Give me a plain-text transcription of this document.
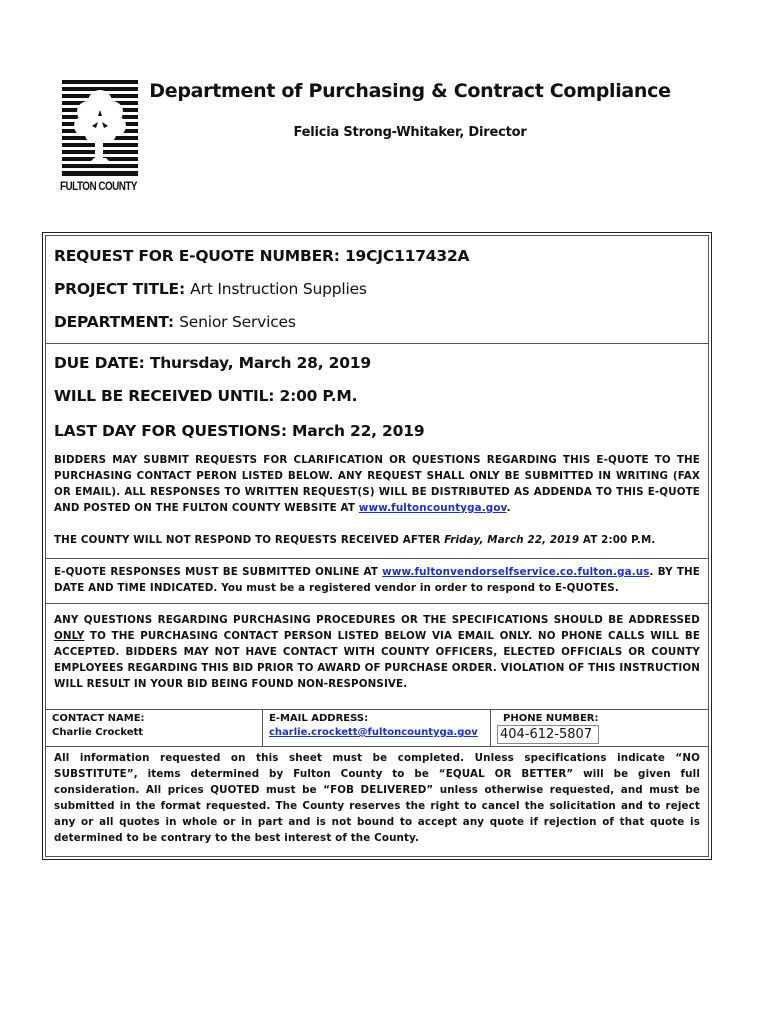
FULTON COUNTY
Department of Purchasing & Contract Compliance
Felicia Strong-Whitaker, Director
REQUEST FOR E-QUOTE NUMBER: 19CJC117432A
PROJECT TITLE: Art Instruction Supplies
DEPARTMENT: Senior Services
DUE DATE: Thursday, March 28, 2019
WILL BE RECEIVED UNTIL: 2:00 P.M.
LAST DAY FOR QUESTIONS: March 22, 2019
BIDDERS MAY SUBMIT REQUESTS FOR CLARIFICATION OR QUESTIONS REGARDING THIS E-QUOTE TO THE PURCHASING CONTACT PERON LISTED BELOW. ANY REQUEST SHALL ONLY BE SUBMITTED IN WRITING (FAX OR EMAIL). ALL RESPONSES TO WRITTEN REQUEST(S) WILL BE DISTRIBUTED AS ADDENDA TO THIS E-QUOTE AND POSTED ON THE FULTON COUNTY WEBSITE AT www.fultoncountyga.gov.
THE COUNTY WILL NOT RESPOND TO REQUESTS RECEIVED AFTER Friday, March 22, 2019 AT 2:00 P.M.
E-QUOTE RESPONSES MUST BE SUBMITTED ONLINE AT www.fultonvendorselfservice.co.fulton.ga.us. BY THE DATE AND TIME INDICATED. You must be a registered vendor in order to respond to E-QUOTES.
ANY QUESTIONS REGARDING PURCHASING PROCEDURES OR THE SPECIFICATIONS SHOULD BE ADDRESSED ONLY TO THE PURCHASING CONTACT PERSON LISTED BELOW VIA EMAIL ONLY. NO PHONE CALLS WILL BE ACCEPTED. BIDDERS MAY NOT HAVE CONTACT WITH COUNTY OFFICERS, ELECTED OFFICIALS OR COUNTY EMPLOYEES REGARDING THIS BID PRIOR TO AWARD OF PURCHASE ORDER. VIOLATION OF THIS INSTRUCTION WILL RESULT IN YOUR BID BEING FOUND NON-RESPONSIVE.
CONTACT NAME:
Charlie Crockett
E-MAIL ADDRESS:
charlie.crockett@fultoncountyga.gov
PHONE NUMBER:
404-612-5807
All information requested on this sheet must be completed. Unless specifications indicate “NO SUBSTITUTE”, items determined by Fulton County to be “EQUAL OR BETTER” will be given full consideration. All prices QUOTED must be “FOB DELIVERED” unless otherwise requested, and must be submitted in the format requested. The County reserves the right to cancel the solicitation and to reject any or all quotes in whole or in part and is not bound to accept any quote if rejection of that quote is determined to be contrary to the best interest of the County.
